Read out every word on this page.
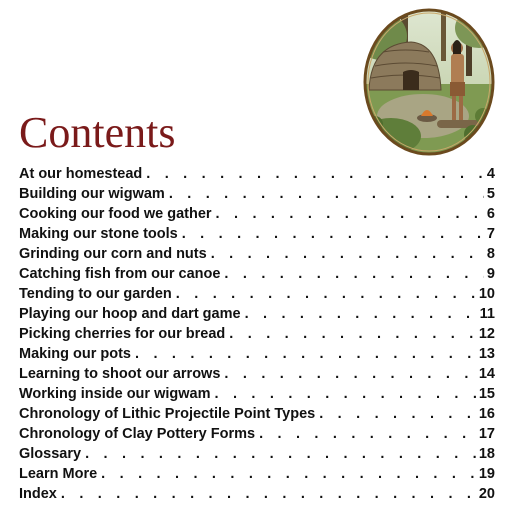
Contents
At our homestead . . .	4
Building our wigwam . . .	5
Cooking our food we gather . . .	6
Making our stone tools . . .	7
Grinding our corn and nuts . . .	8
Catching fish from our canoe . . .	9
Tending to our garden . . .	10
Playing our hoop and dart game . . .	11
Picking cherries for our bread . . .	12
Making our pots . . .	13
Learning to shoot our arrows . . .	14
Working inside our wigwam . . .	15
Chronology of Lithic Projectile Point Types . . .	16
Chronology of Clay Pottery Forms . . .	17
Glossary . . .	18
Learn More . . .	19
Index . . .	20
